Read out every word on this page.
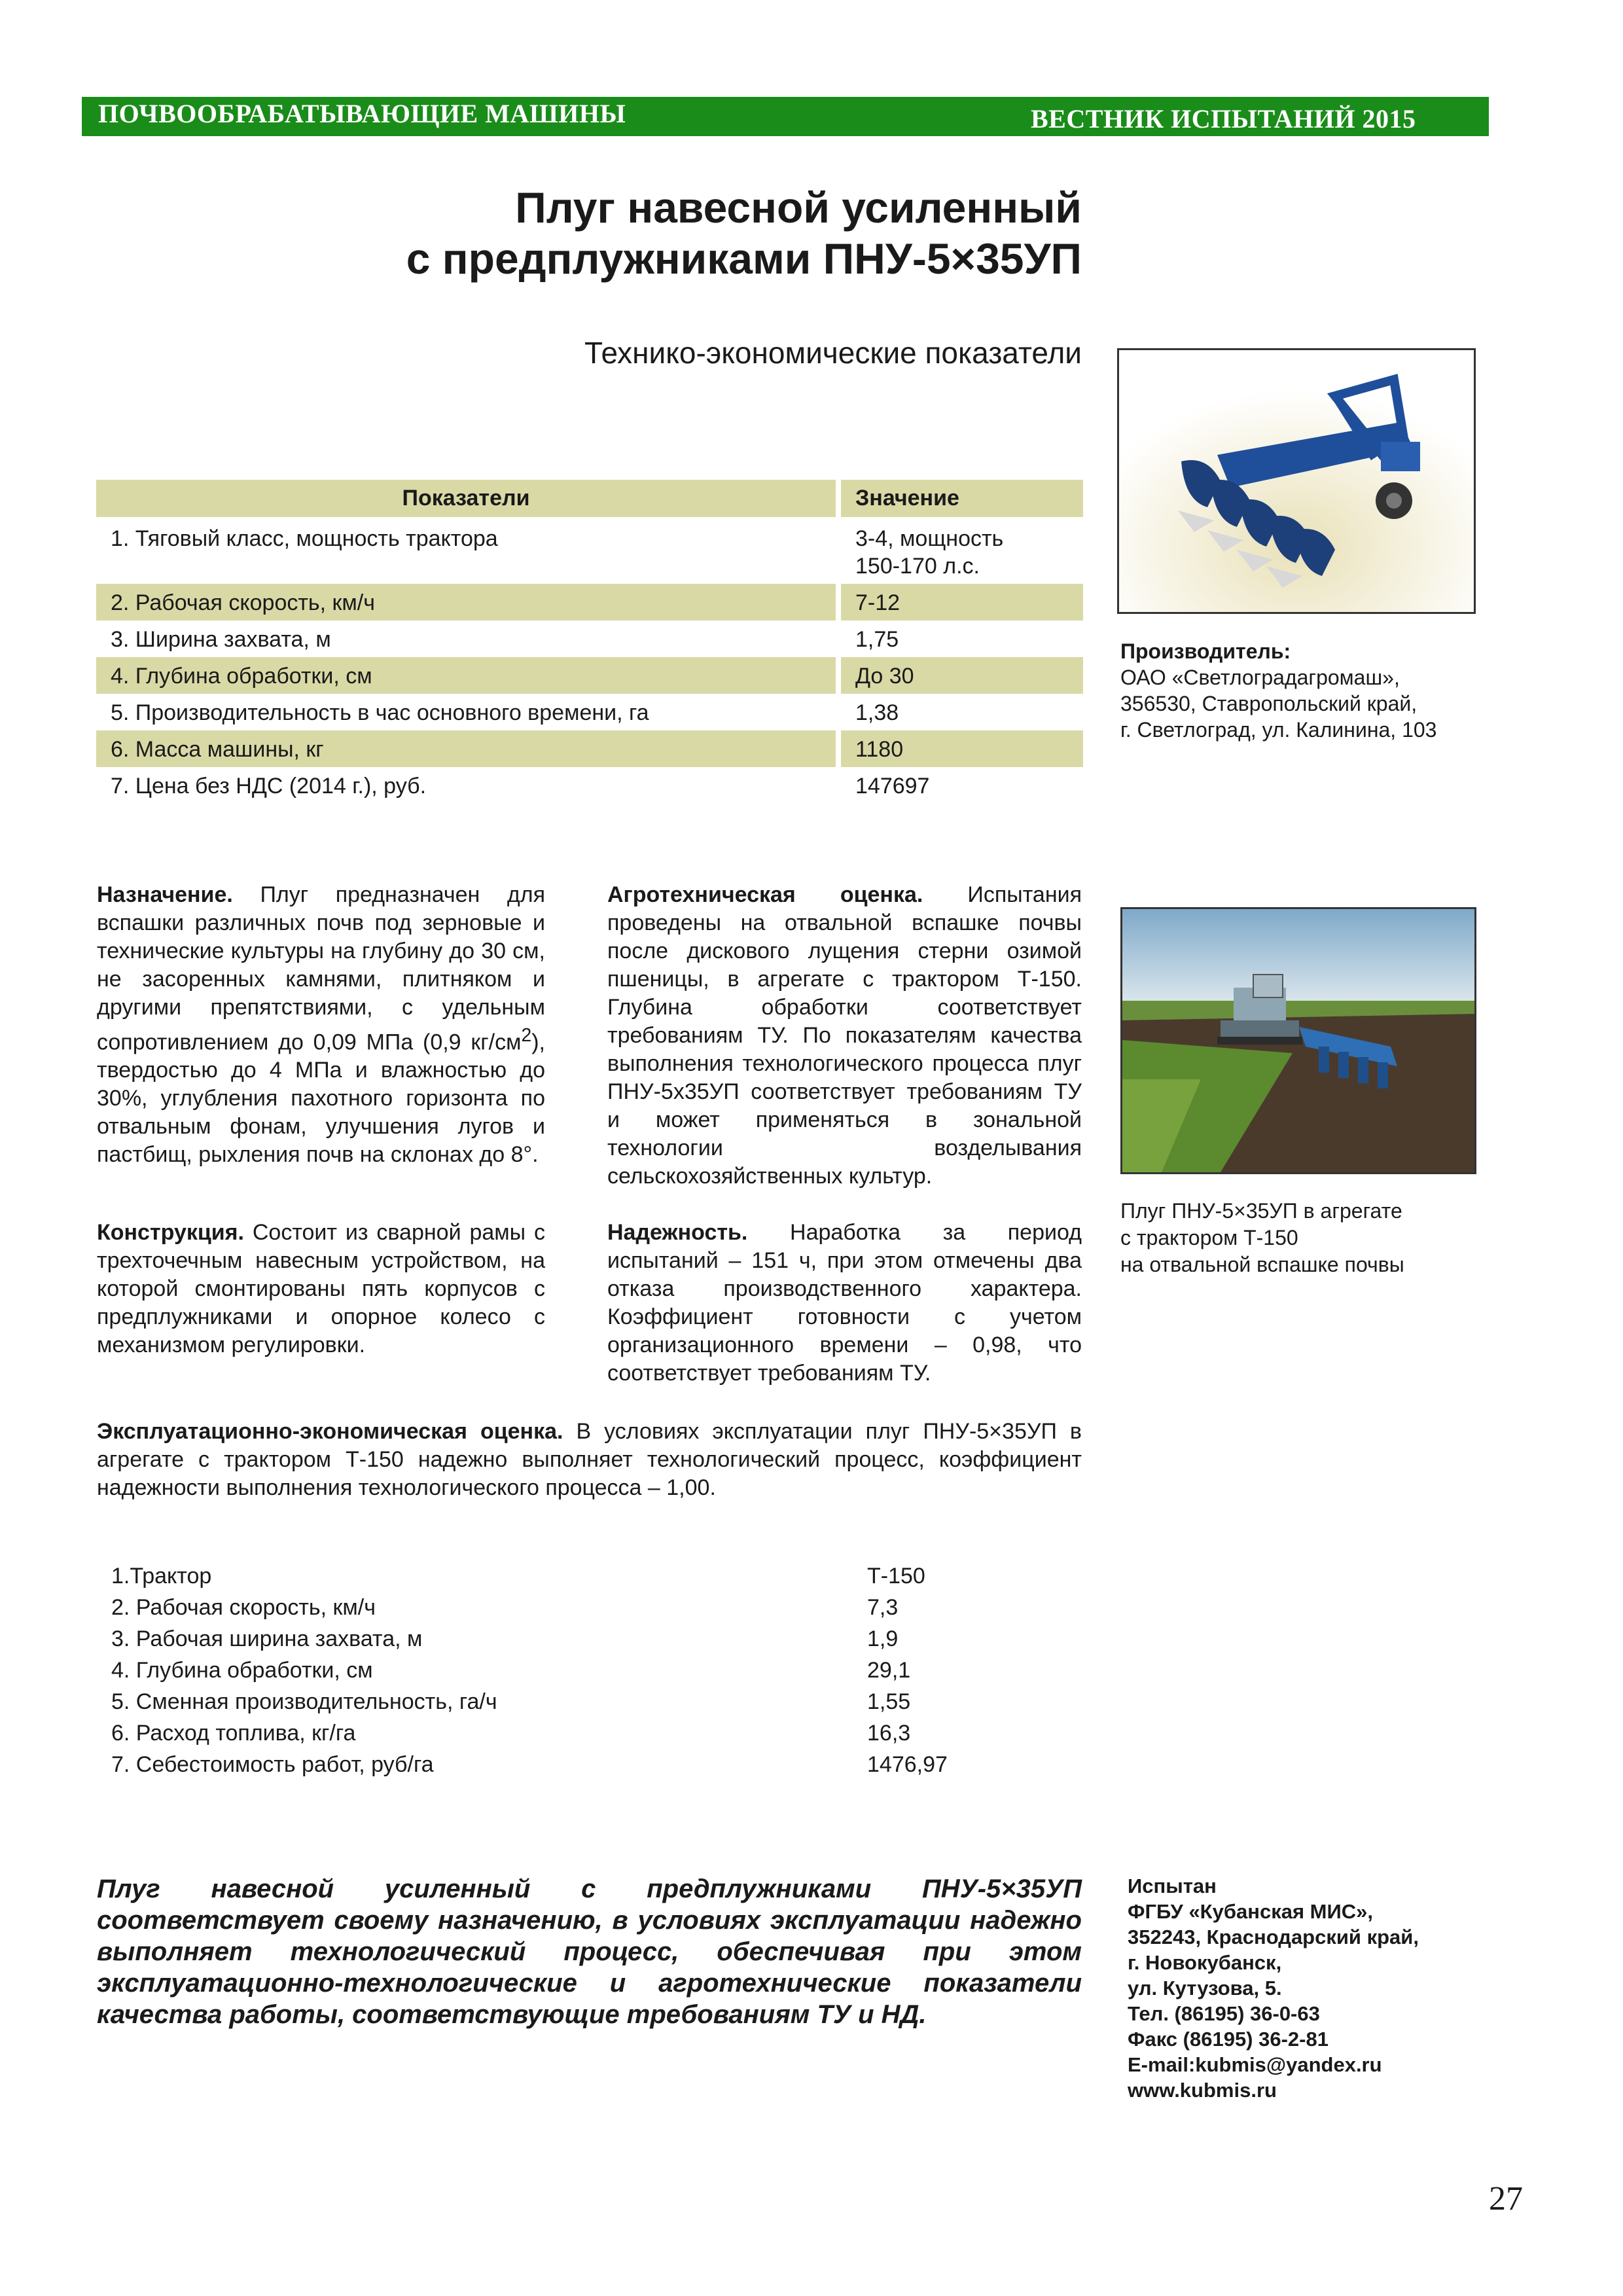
ПОЧВООБРАБАТЫВАЮЩИЕ МАШИНЫ	ВЕСТНИК ИСПЫТАНИЙ 2015
Плуг навесной усиленный
с предплужниками ПНУ-5×35УП
Технико-экономические показатели
Показатели	Значение
1. Тяговый класс, мощность трактора	3-4, мощность
150-170 л.с.

2. Рабочая скорость, км/ч	7-12
3. Ширина захвата, м	1,75
4. Глубина обработки, см	До 30
5. Производительность в час основного времени, га	1,38
6. Масса машины, кг	1180
7. Цена без НДС (2014 г.), руб.	147697
Производитель:
ОАО «Светлоградагромаш»,
356530, Ставропольский край,
г. Светлоград, ул. Калинина, 103
Назначение. Плуг предназначен для вспашки различных почв под зерновые и технические культуры на глубину до 30 см, не засоренных камнями, плитняком и другими препятствиями, с удельным сопротивлением до 0,09 МПа (0,9 $кг/см^2$), твердостью до 4 МПа и влажностью до 30%, углубления пахотного горизонта по отвальным фонам, улучшения лугов и пастбищ, рыхления почв на склонах до 8°.
Конструкция. Состоит из сварной рамы с трехточечным навесным устройством, на которой смонтированы пять корпусов с предплужниками и опорное колесо с механизмом регулировки.
Агротехническая оценка. Испытания проведены на отвальной вспашке почвы после дискового лущения стерни озимой пшеницы, в агрегате с трактором Т-150. Глубина обработки соответствует требованиям ТУ. По показателям качества выполнения технологического процесса плуг ПНУ-5х35УП соответствует требованиям ТУ и может применяться в зональной технологии возделывания сельскохозяйственных культур.
Надежность. Наработка за период испытаний – 151 ч, при этом отмечены два отказа производственного характера. Коэффициент готовности с учетом организационного времени – 0,98, что соответствует требованиям ТУ.
Плуг ПНУ-5×35УП в агрегате
с трактором Т-150
на отвальной вспашке почвы
Эксплуатационно-экономическая оценка. В условиях эксплуатации плуг ПНУ-5×35УП в агрегате с трактором Т-150 надежно выполняет технологический процесс, коэффициент надежности выполнения технологического процесса – 1,00.
1.Трактор	Т-150
2. Рабочая скорость, км/ч	7,3
3. Рабочая ширина захвата, м	1,9
4. Глубина обработки, см	29,1
5. Сменная производительность, га/ч	1,55
6. Расход топлива, кг/га	16,3
7. Себестоимость работ, руб/га	1476,97
Плуг навесной усиленный с предплужниками ПНУ-5×35УП соответствует своему назначению, в условиях эксплуатации надежно выполняет технологический процесс, обеспечивая при этом эксплуатационно-технологические и агротехнические показатели качества работы, соответствующие требованиям ТУ и НД.
Испытан
ФГБУ «Кубанская МИС»,
352243, Краснодарский край,
г. Новокубанск,
ул. Кутузова, 5.
Тел. (86195) 36-0-63
Факс (86195) 36-2-81
E-mail:kubmis@yandex.ru
www.kubmis.ru
27
